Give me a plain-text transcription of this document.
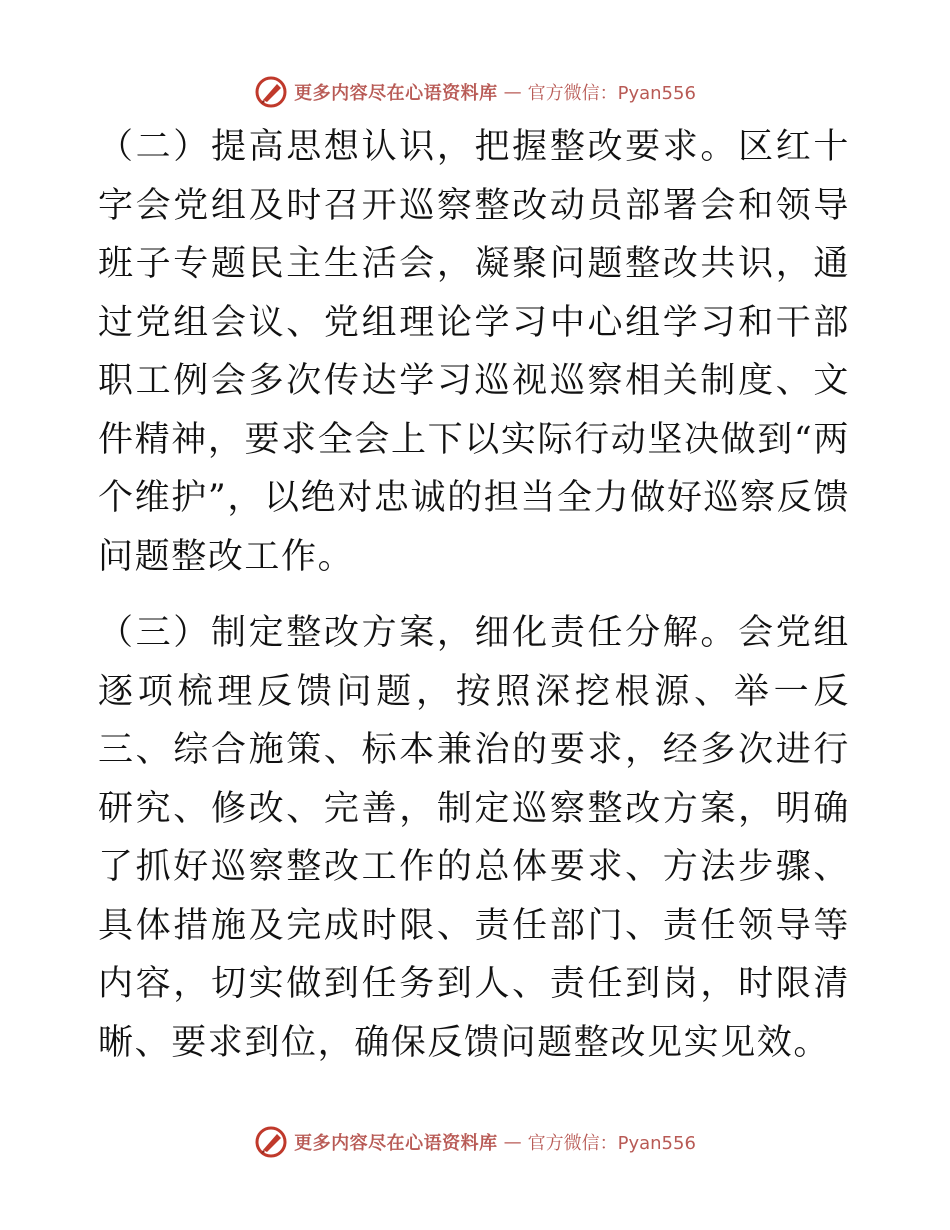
更多内容尽在心语资料库 — 官方微信：Pyan556

（二）提高思想认识，把握整改要求。区红十字会党组及时召开巡察整改动员部署会和领导班子专题民主生活会，凝聚问题整改共识，通过党组会议、党组理论学习中心组学习和干部职工例会多次传达学习巡视巡察相关制度、文件精神，要求全会上下以实际行动坚决做到“两个维护”，以绝对忠诚的担当全力做好巡察反馈问题整改工作。

（三）制定整改方案，细化责任分解。会党组逐项梳理反馈问题，按照深挖根源、举一反三、综合施策、标本兼治的要求，经多次进行研究、修改、完善，制定巡察整改方案，明确了抓好巡察整改工作的总体要求、方法步骤、具体措施及完成时限、责任部门、责任领导等内容，切实做到任务到人、责任到岗，时限清晰、要求到位，确保反馈问题整改见实见效。

更多内容尽在心语资料库 — 官方微信：Pyan556
